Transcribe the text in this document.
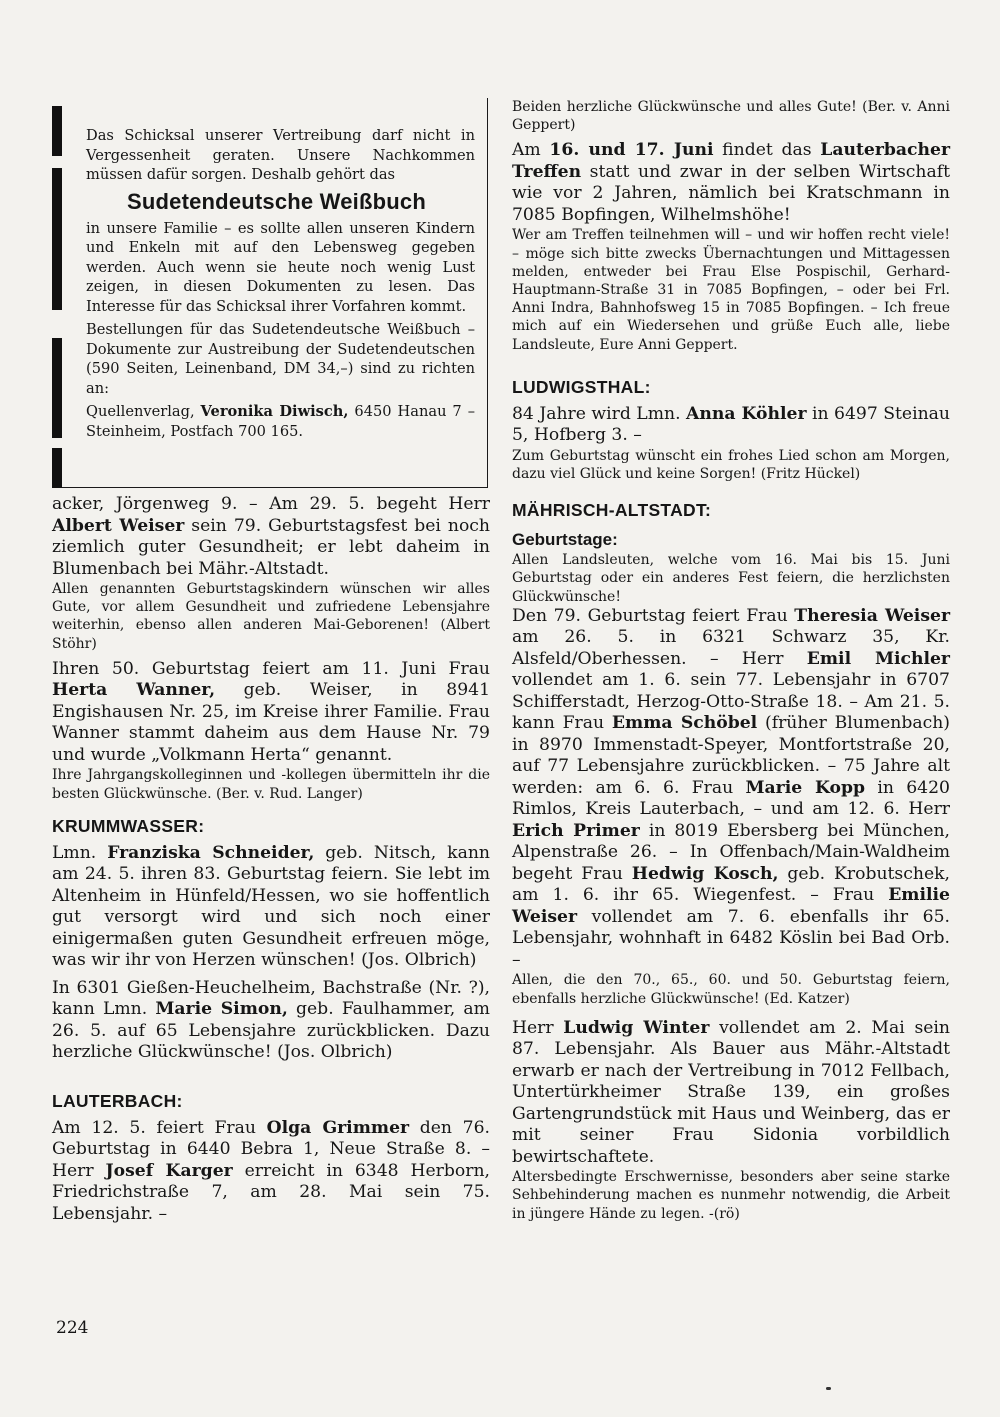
Das Schicksal unserer Vertreibung darf nicht in Vergessenheit geraten. Unsere Nachkommen müssen dafür sorgen. Deshalb gehört das

Sudetendeutsche Weißbuch

in unsere Familie – es sollte allen unseren Kindern und Enkeln mit auf den Lebensweg gegeben werden. Auch wenn sie heute noch wenig Lust zeigen, in diesen Dokumenten zu lesen. Das Interesse für das Schicksal ihrer Vorfahren kommt.

Bestellungen für das Sudetendeutsche Weißbuch – Dokumente zur Austreibung der Sudetendeutschen (590 Seiten, Leinenband, DM 34,–) sind zu richten an:

Quellenverlag, Veronika Diwisch, 6450 Hanau 7 – Steinheim, Postfach 700 165.

acker, Jörgenweg 9. – Am 29. 5. begeht Herr Albert Weiser sein 79. Geburtstagsfest bei noch ziemlich guter Gesundheit; er lebt daheim in Blumenbach bei Mähr.-Altstadt.

Allen genannten Geburtstagskindern wünschen wir alles Gute, vor allem Gesundheit und zufriedene Lebensjahre weiterhin, ebenso allen anderen Mai-Geborenen! (Albert Stöhr)

Ihren 50. Geburtstag feiert am 11. Juni Frau Herta Wanner, geb. Weiser, in 8941 Engishausen Nr. 25, im Kreise ihrer Familie. Frau Wanner stammt daheim aus dem Hause Nr. 79 und wurde „Volkmann Herta“ genannt.

Ihre Jahrgangskolleginnen und -kollegen übermitteln ihr die besten Glückwünsche. (Ber. v. Rud. Langer)

KRUMMWASSER:

Lmn. Franziska Schneider, geb. Nitsch, kann am 24. 5. ihren 83. Geburtstag feiern. Sie lebt im Altenheim in Hünfeld/Hessen, wo sie hoffentlich gut versorgt wird und sich noch einer einigermaßen guten Gesundheit erfreuen möge, was wir ihr von Herzen wünschen! (Jos. Olbrich)

In 6301 Gießen-Heuchelheim, Bachstraße (Nr. ?), kann Lmn. Marie Simon, geb. Faulhammer, am 26. 5. auf 65 Lebensjahre zurückblicken. Dazu herzliche Glückwünsche! (Jos. Olbrich)

LAUTERBACH:

Am 12. 5. feiert Frau Olga Grimmer den 76. Geburtstag in 6440 Bebra 1, Neue Straße 8. – Herr Josef Karger erreicht in 6348 Herborn, Friedrichstraße 7, am 28. Mai sein 75. Lebensjahr. –

Beiden herzliche Glückwünsche und alles Gute! (Ber. v. Anni Geppert)

Am 16. und 17. Juni findet das Lauterbacher Treffen statt und zwar in der selben Wirtschaft wie vor 2 Jahren, nämlich bei Kratschmann in 7085 Bopfingen, Wilhelmshöhe!

Wer am Treffen teilnehmen will – und wir hoffen recht viele! – möge sich bitte zwecks Übernachtungen und Mittagessen melden, entweder bei Frau Else Pospischil, Gerhard-Hauptmann-Straße 31 in 7085 Bopfingen, – oder bei Frl. Anni Indra, Bahnhofsweg 15 in 7085 Bopfingen. – Ich freue mich auf ein Wiedersehen und grüße Euch alle, liebe Landsleute, Eure Anni Geppert.

LUDWIGSTHAL:

84 Jahre wird Lmn. Anna Köhler in 6497 Steinau 5, Hofberg 3. –

Zum Geburtstag wünscht ein frohes Lied schon am Morgen, dazu viel Glück und keine Sorgen! (Fritz Hückel)

MÄHRISCH-ALTSTADT:
Geburtstage:

Allen Landsleuten, welche vom 16. Mai bis 15. Juni Geburtstag oder ein anderes Fest feiern, die herzlichsten Glückwünsche!

Den 79. Geburtstag feiert Frau Theresia Weiser am 26. 5. in 6321 Schwarz 35, Kr. Alsfeld/Oberhessen. – Herr Emil Michler vollendet am 1. 6. sein 77. Lebensjahr in 6707 Schifferstadt, Herzog-Otto-Straße 18. – Am 21. 5. kann Frau Emma Schöbel (früher Blumenbach) in 8970 Immenstadt-Speyer, Montfortstraße 20, auf 77 Lebensjahre zurückblicken. – 75 Jahre alt werden: am 6. 6. Frau Marie Kopp in 6420 Rimlos, Kreis Lauterbach, – und am 12. 6. Herr Erich Primer in 8019 Ebersberg bei München, Alpenstraße 26. – In Offenbach/Main-Waldheim begeht Frau Hedwig Kosch, geb. Krobutschek, am 1. 6. ihr 65. Wiegenfest. – Frau Emilie Weiser vollendet am 7. 6. ebenfalls ihr 65. Lebensjahr, wohnhaft in 6482 Köslin bei Bad Orb. –

Allen, die den 70., 65., 60. und 50. Geburtstag feiern, ebenfalls herzliche Glückwünsche! (Ed. Katzer)

Herr Ludwig Winter vollendet am 2. Mai sein 87. Lebensjahr. Als Bauer aus Mähr.-Altstadt erwarb er nach der Vertreibung in 7012 Fellbach, Untertürkheimer Straße 139, ein großes Gartengrundstück mit Haus und Weinberg, das er mit seiner Frau Sidonia vorbildlich bewirtschaftete.

Altersbedingte Erschwernisse, besonders aber seine starke Sehbehinderung machen es nunmehr notwendig, die Arbeit in jüngere Hände zu legen. -(rö)

224
